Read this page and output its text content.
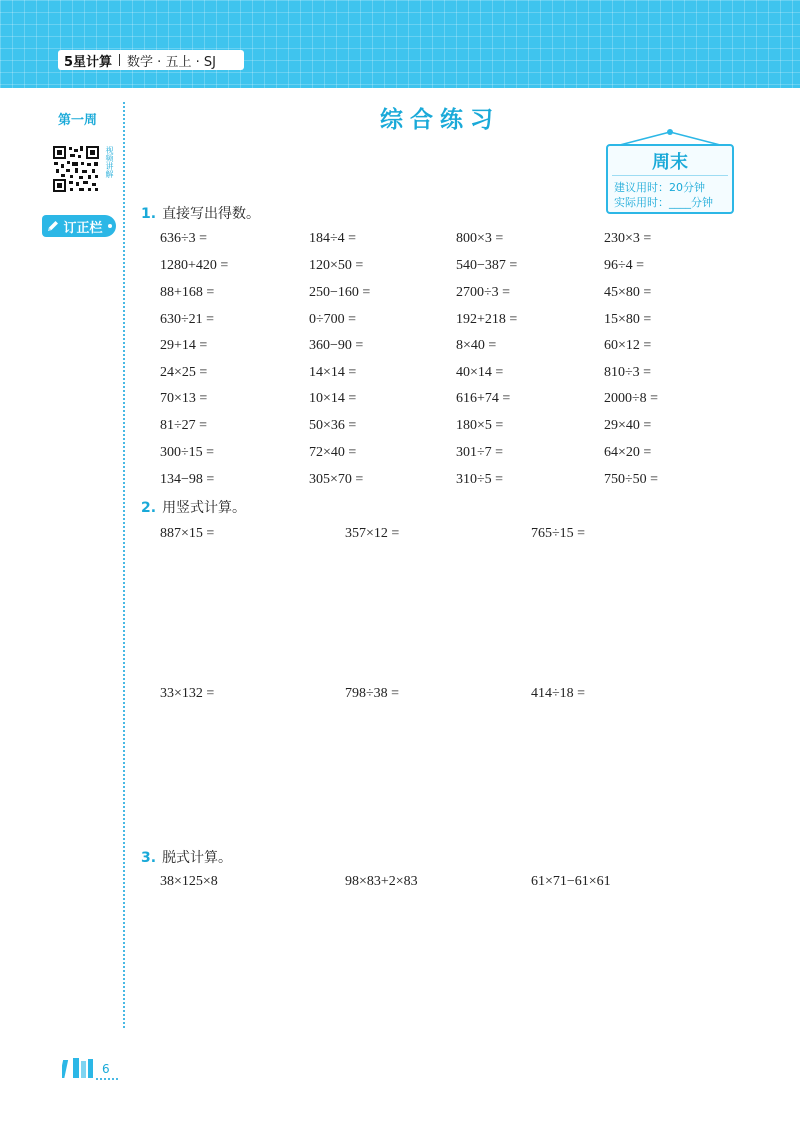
5星计算 数学 · 五上 · SJ
第一周
视频讲解
订正栏
综合练习
周末
建议用时：20分钟
实际用时：____分钟
1. 直接写出得数。
636÷3 =	184÷4 =	800×3 =	230×3 =
1280+420 =	120×50 =	540−387 =	96÷4 =
88+168 =	250−160 =	2700÷3 =	45×80 =
630÷21 =	0÷700 =	192+218 =	15×80 =
29+14 =	360−90 =	8×40 =	60×12 =
24×25 =	14×14 =	40×14 =	810÷3 =
70×13 =	10×14 =	616+74 =	2000÷8 =
81÷27 =	50×36 =	180×5 =	29×40 =
300÷15 =	72×40 =	301÷7 =	64×20 =
134−98 =	305×70 =	310÷5 =	750÷50 =
2. 用竖式计算。
887×15 =	357×12 =	765÷15 =
33×132 =	798÷38 =	414÷18 =
3. 脱式计算。
38×125×8	98×83+2×83	61×71−61×61
6
